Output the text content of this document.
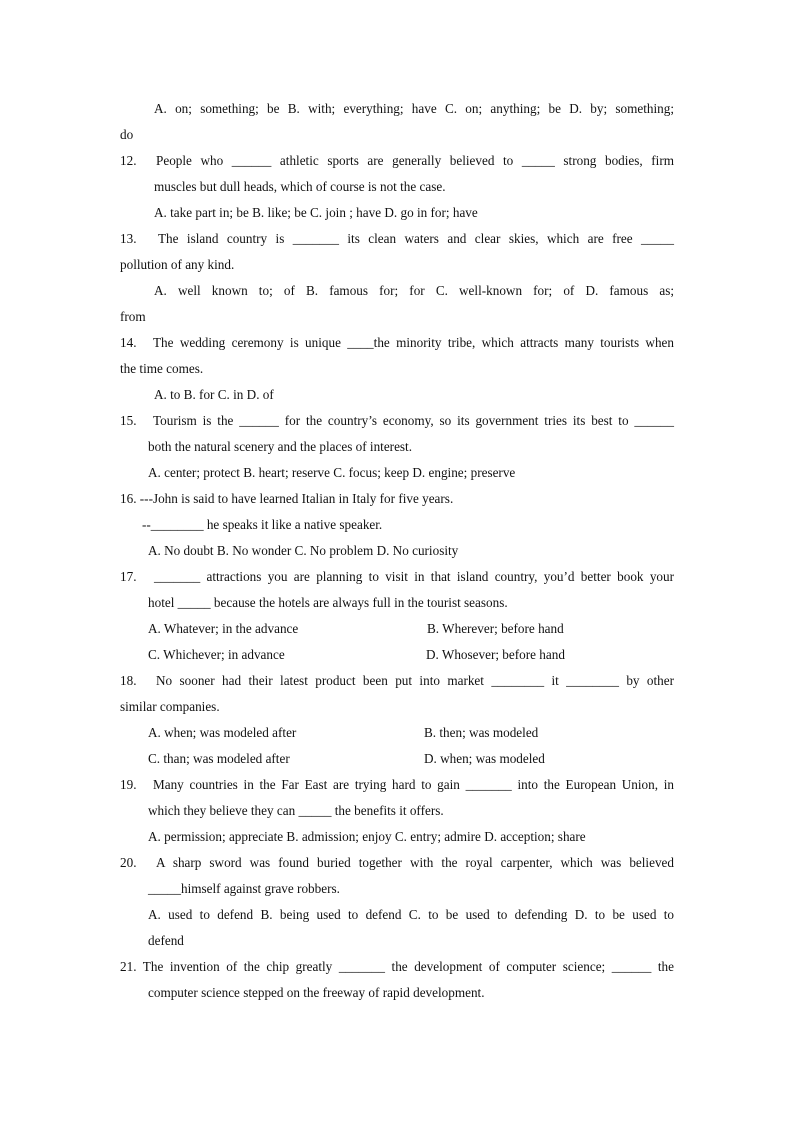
A. on; something; be B. with; everything; have C. on; anything; be D. by; something;
do
12. People who ______ athletic sports are generally believed to _____ strong bodies, firm
muscles but dull heads, which of course is not the case.
A. take part in; be B. like; be C. join ; have D. go in for; have
13. The island country is _______ its clean waters and clear skies, which are free _____
pollution of any kind.
A. well known to; of B. famous for; for C. well-known for; of D. famous as;
from
14. The wedding ceremony is unique ____the minority tribe, which attracts many tourists when
the time comes.
A. to B. for C. in D. of
15. Tourism is the ______ for the country’s economy, so its government tries its best to ______
both the natural scenery and the places of interest.
A. center; protect B. heart; reserve C. focus; keep D. engine; preserve
16. ---John is said to have learned Italian in Italy for five years.
--________ he speaks it like a native speaker.
A. No doubt B. No wonder C. No problem D. No curiosity
17. _______ attractions you are planning to visit in that island country, you’d better book your
hotel _____ because the hotels are always full in the tourist seasons.
A. Whatever; in the advance	B. Wherever; before hand
C. Whichever; in advance	D. Whosever; before hand
18. No sooner had their latest product been put into market ________ it ________ by other
similar companies.
A. when; was modeled after	B. then; was modeled
C. than; was modeled after	D. when; was modeled
19. Many countries in the Far East are trying hard to gain _______ into the European Union, in
which they believe they can _____ the benefits it offers.
A. permission; appreciate B. admission; enjoy C. entry; admire D. acception; share
20. A sharp sword was found buried together with the royal carpenter, which was believed
_____himself against grave robbers.
A. used to defend B. being used to defend C. to be used to defending D. to be used to
defend
21. The invention of the chip greatly _______ the development of computer science; ______ the
computer science stepped on the freeway of rapid development.
